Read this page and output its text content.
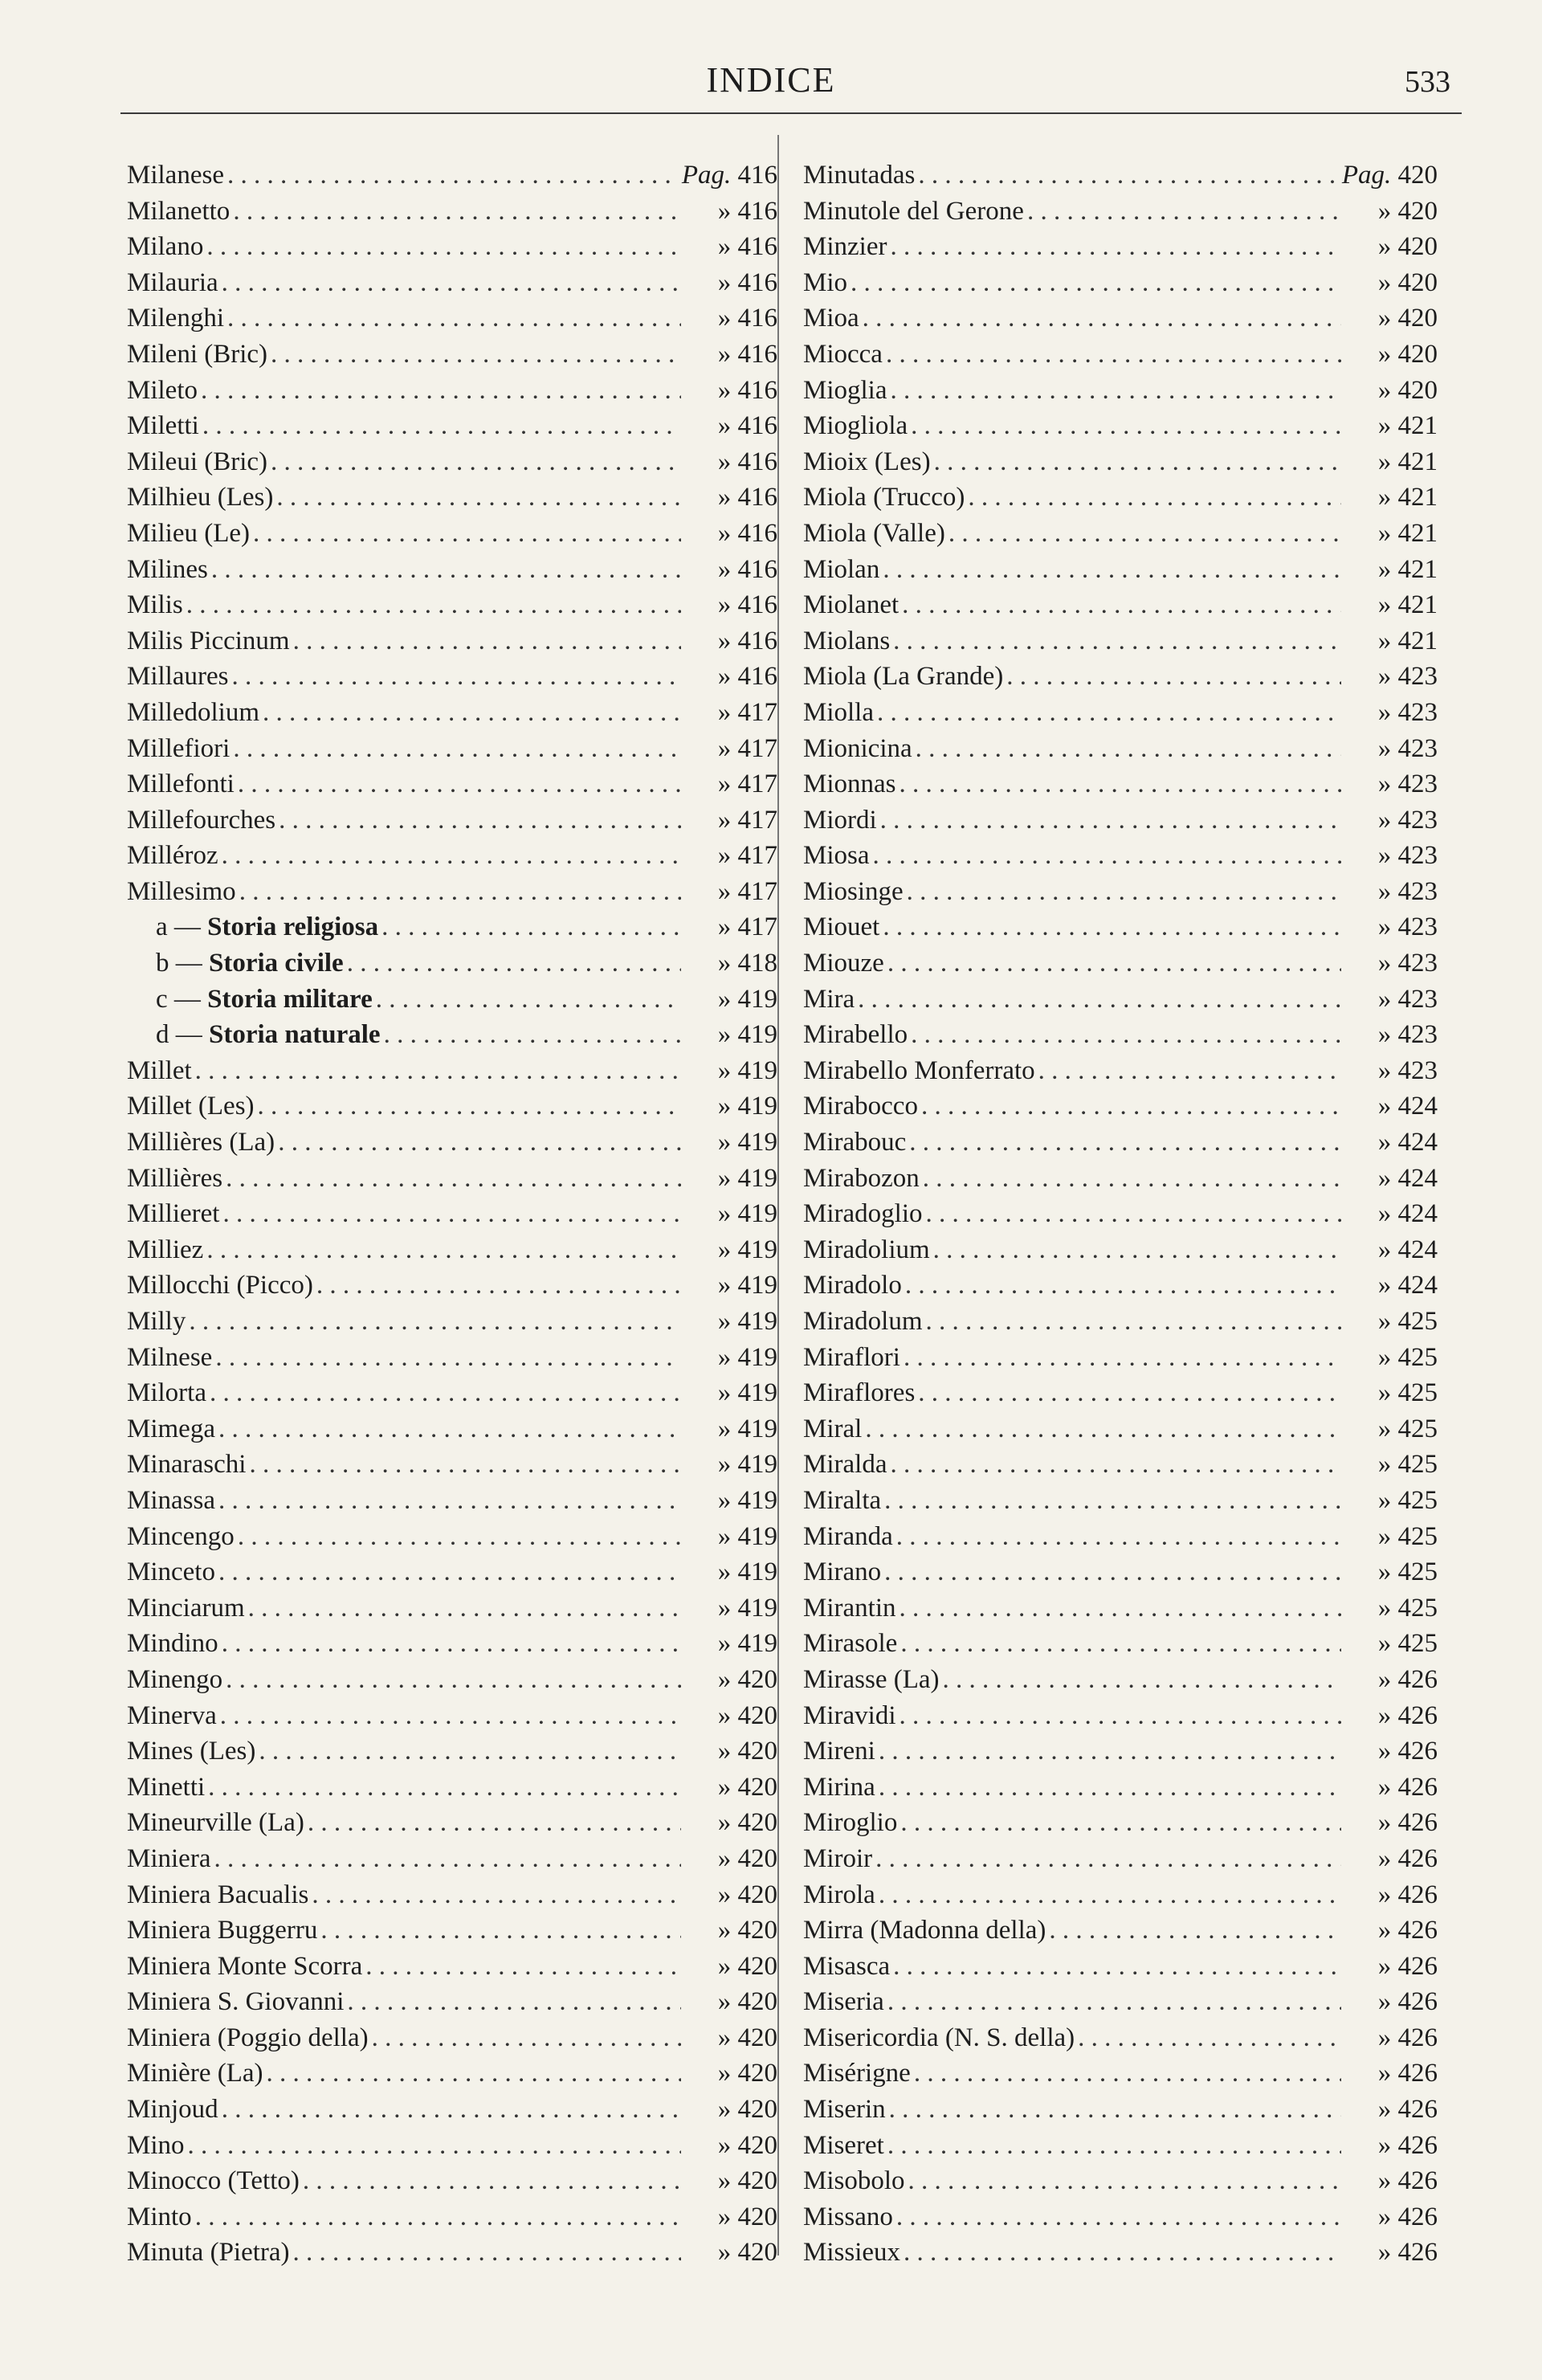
INDICE	533
Milanese . . .	Pag. 416
Milanetto . . .	» 416
Milano . . .	» 416
Milauria . . .	» 416
Milenghi . . .	» 416
Mileni (Bric) . . .	» 416
Mileto . . .	» 416
Miletti . . .	» 416
Mileui (Bric) . . .	» 416
Milhieu (Les) . . .	» 416
Milieu (Le) . . .	» 416
Milines . . .	» 416
Milis . . .	» 416
Milis Piccinum . . .	» 416
Millaures . . .	» 416
Milledolium . . .	» 417
Millefiori . . .	» 417
Millefonti . . .	» 417
Millefourches . . .	» 417
Milléroz . . .	» 417
Millesimo . . .	» 417
a — Storia religiosa . . .	» 417
b — Storia civile . . .	» 418
c — Storia militare . . .	» 419
d — Storia naturale . . .	» 419
Millet . . .	» 419
Millet (Les) . . .	» 419
Millières (La) . . .	» 419
Millières . . .	» 419
Millieret . . .	» 419
Milliez . . .	» 419
Millocchi (Picco) . . .	» 419
Milly . . .	» 419
Milnese . . .	» 419
Milorta . . .	» 419
Mimega . . .	» 419
Minaraschi . . .	» 419
Minassa . . .	» 419
Mincengo . . .	» 419
Minceto . . .	» 419
Minciarum . . .	» 419
Mindino . . .	» 419
Minengo . . .	» 420
Minerva . . .	» 420
Mines (Les) . . .	» 420
Minetti . . .	» 420
Mineurville (La) . . .	» 420
Miniera . . .	» 420
Miniera Bacualis . . .	» 420
Miniera Buggerru . . .	» 420
Miniera Monte Scorra . . .	» 420
Miniera S. Giovanni . . .	» 420
Miniera (Poggio della) . . .	» 420
Minière (La) . . .	» 420
Minjoud . . .	» 420
Mino . . .	» 420
Minocco (Tetto) . . .	» 420
Minto . . .	» 420
Minuta (Pietra) . . .	» 420
Minutadas . . .	Pag. 420
Minutole del Gerone . . .	» 420
Minzier . . .	» 420
Mio . . .	» 420
Mioa . . .	» 420
Miocca . . .	» 420
Mioglia . . .	» 420
Miogliola . . .	» 421
Mioix (Les) . . .	» 421
Miola (Trucco) . . .	» 421
Miola (Valle) . . .	» 421
Miolan . . .	» 421
Miolanet . . .	» 421
Miolans . . .	» 421
Miola (La Grande) . . .	» 423
Miolla . . .	» 423
Mionicina . . .	» 423
Mionnas . . .	» 423
Miordi . . .	» 423
Miosa . . .	» 423
Miosinge . . .	» 423
Miouet . . .	» 423
Miouze . . .	» 423
Mira . . .	» 423
Mirabello . . .	» 423
Mirabello Monferrato . . .	» 423
Mirabocco . . .	» 424
Mirabouc . . .	» 424
Mirabozon . . .	» 424
Miradoglio . . .	» 424
Miradolium . . .	» 424
Miradolo . . .	» 424
Miradolum . . .	» 425
Miraflori . . .	» 425
Miraflores . . .	» 425
Miral . . .	» 425
Miralda . . .	» 425
Miralta . . .	» 425
Miranda . . .	» 425
Mirano . . .	» 425
Mirantin . . .	» 425
Mirasole . . .	» 425
Mirasse (La) . . .	» 426
Miravidi . . .	» 426
Mireni . . .	» 426
Mirina . . .	» 426
Miroglio . . .	» 426
Miroir . . .	» 426
Mirola . . .	» 426
Mirra (Madonna della) . . .	» 426
Misasca . . .	» 426
Miseria . . .	» 426
Misericordia (N. S. della) . . .	» 426
Misérigne . . .	» 426
Miserin . . .	» 426
Miseret . . .	» 426
Misobolo . . .	» 426
Missano . . .	» 426
Missieux . . .	» 426
